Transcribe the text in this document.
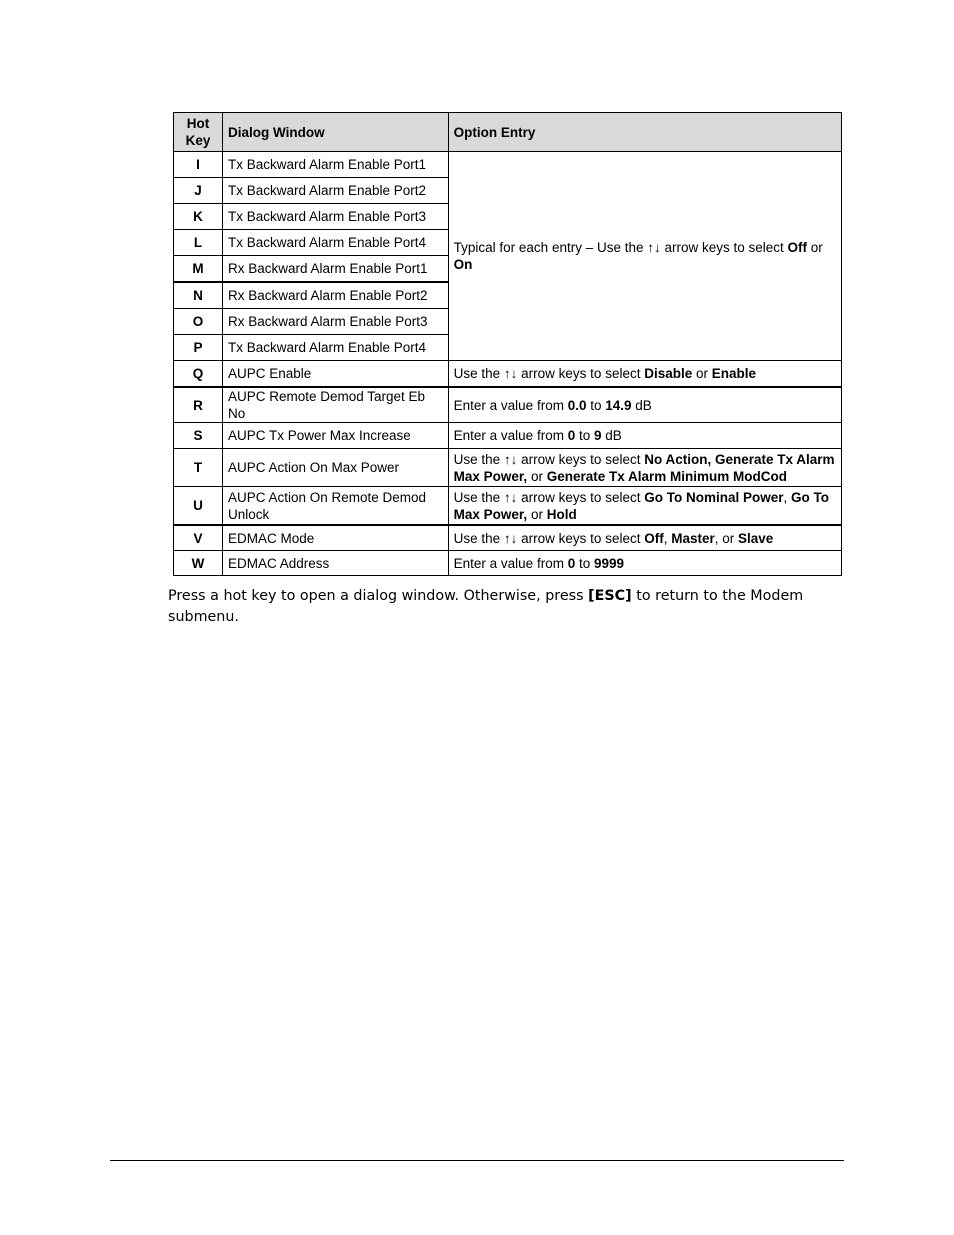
Hot Key	Dialog Window	Option Entry
I	Tx Backward Alarm Enable Port1	Typical for each entry – Use the ↑↓ arrow keys to select Off or On
J	Tx Backward Alarm Enable Port2	
K	Tx Backward Alarm Enable Port3	
L	Tx Backward Alarm Enable Port4	
M	Rx Backward Alarm Enable Port1	
N	Rx Backward Alarm Enable Port2	
O	Rx Backward Alarm Enable Port3	
P	Tx Backward Alarm Enable Port4	
Q	AUPC Enable	Use the ↑↓ arrow keys to select Disable or Enable
R	AUPC Remote Demod Target Eb No	Enter a value from 0.0 to 14.9 dB
S	AUPC Tx Power Max Increase	Enter a value from 0 to 9 dB
T	AUPC Action On Max Power	Use the ↑↓ arrow keys to select No Action, Generate Tx Alarm Max Power, or Generate Tx Alarm Minimum ModCod
U	AUPC Action On Remote Demod Unlock	Use the ↑↓ arrow keys to select Go To Nominal Power, Go To Max Power, or Hold
V	EDMAC Mode	Use the ↑↓ arrow keys to select Off, Master, or Slave
W	EDMAC Address	Enter a value from 0 to 9999

Press a hot key to open a dialog window. Otherwise, press [ESC] to return to the Modem submenu.
